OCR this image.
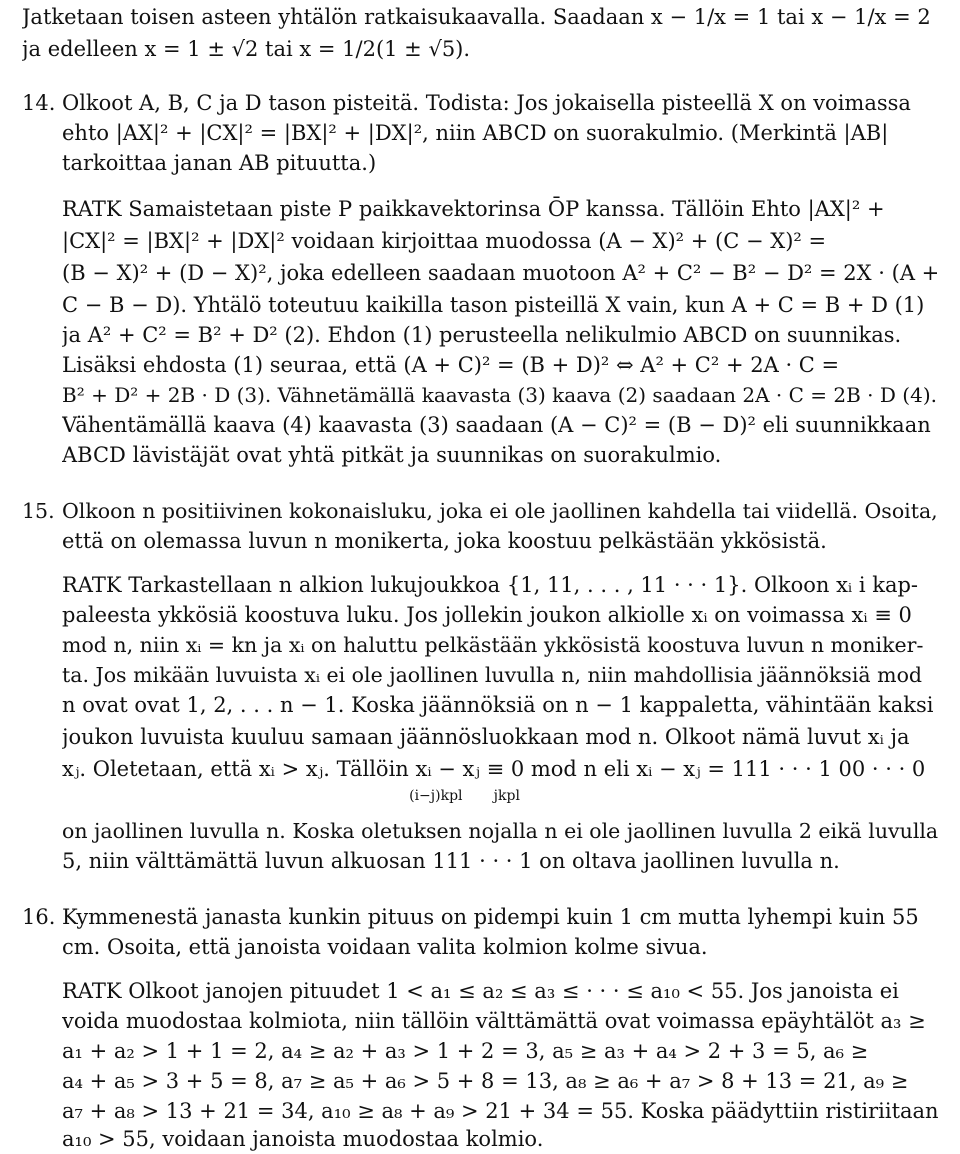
Jatketaan toisen asteen yhtälön ratkaisukaavalla. Saadaan x − 1/x = 1 tai x − 1/x = 2
ja edelleen x = 1 ± √2 tai x = 1/2(1 ± √5).
14. Olkoot A, B, C ja D tason pisteitä. Todista: Jos jokaisella pisteellä X on voimassa
ehto |AX|² + |CX|² = |BX|² + |DX|², niin ABCD on suorakulmio. (Merkintä |AB|
tarkoittaa janan AB pituutta.)
RATK Samaistetaan piste P paikkavektorinsa ŌP kanssa. Tällöin Ehto |AX|² +
|CX|² = |BX|² + |DX|² voidaan kirjoittaa muodossa (A − X)² + (C − X)² =
(B − X)² + (D − X)², joka edelleen saadaan muotoon A² + C² − B² − D² = 2X · (A +
C − B − D). Yhtälö toteutuu kaikilla tason pisteillä X vain, kun A + C = B + D (1)
ja A² + C² = B² + D² (2). Ehdon (1) perusteella nelikulmio ABCD on suunnikas.
Lisäksi ehdosta (1) seuraa, että (A + C)² = (B + D)² ⇔ A² + C² + 2A · C =
B² + D² + 2B · D (3). Vähnetämällä kaavasta (3) kaava (2) saadaan 2A · C = 2B · D (4).
Vähentämällä kaava (4) kaavasta (3) saadaan (A − C)² = (B − D)² eli suunnikkaan
ABCD lävistäjät ovat yhtä pitkät ja suunnikas on suorakulmio.
15. Olkoon n positiivinen kokonaisluku, joka ei ole jaollinen kahdella tai viidellä. Osoita,
että on olemassa luvun n monikerta, joka koostuu pelkästään ykkösistä.
RATK Tarkastellaan n alkion lukujoukkoa {1, 11, . . . , 11 · · · 1}. Olkoon xᵢ i kap-
paleesta ykkösiä koostuva luku. Jos jollekin joukon alkiolle xᵢ on voimassa xᵢ ≡ 0
mod n, niin xᵢ = kn ja xᵢ on haluttu pelkästään ykkösistä koostuva luvun n moniker-
ta. Jos mikään luvuista xᵢ ei ole jaollinen luvulla n, niin mahdollisia jäännöksiä mod
n ovat ovat 1, 2, . . . n − 1. Koska jäännöksiä on n − 1 kappaletta, vähintään kaksi
joukon luvuista kuuluu samaan jäännösluokkaan mod n. Olkoot nämä luvut xᵢ ja
xⱼ. Oletetaan, että xᵢ > xⱼ. Tällöin xᵢ − xⱼ ≡ 0 mod n eli xᵢ − xⱼ = 111 · · · 1 00 · · · 0
(i−j)kpl       jkpl
on jaollinen luvulla n. Koska oletuksen nojalla n ei ole jaollinen luvulla 2 eikä luvulla
5, niin välttämättä luvun alkuosan 111 · · · 1 on oltava jaollinen luvulla n.
16. Kymmenestä janasta kunkin pituus on pidempi kuin 1 cm mutta lyhempi kuin 55
cm. Osoita, että janoista voidaan valita kolmion kolme sivua.
RATK Olkoot janojen pituudet 1 < a₁ ≤ a₂ ≤ a₃ ≤ · · · ≤ a₁₀ < 55. Jos janoista ei
voida muodostaa kolmiota, niin tällöin välttämättä ovat voimassa epäyhtälöt a₃ ≥
a₁ + a₂ > 1 + 1 = 2, a₄ ≥ a₂ + a₃ > 1 + 2 = 3, a₅ ≥ a₃ + a₄ > 2 + 3 = 5, a₆ ≥
a₄ + a₅ > 3 + 5 = 8, a₇ ≥ a₅ + a₆ > 5 + 8 = 13, a₈ ≥ a₆ + a₇ > 8 + 13 = 21, a₉ ≥
a₇ + a₈ > 13 + 21 = 34, a₁₀ ≥ a₈ + a₉ > 21 + 34 = 55. Koska päädyttiin ristiriitaan
a₁₀ > 55, voidaan janoista muodostaa kolmio.
